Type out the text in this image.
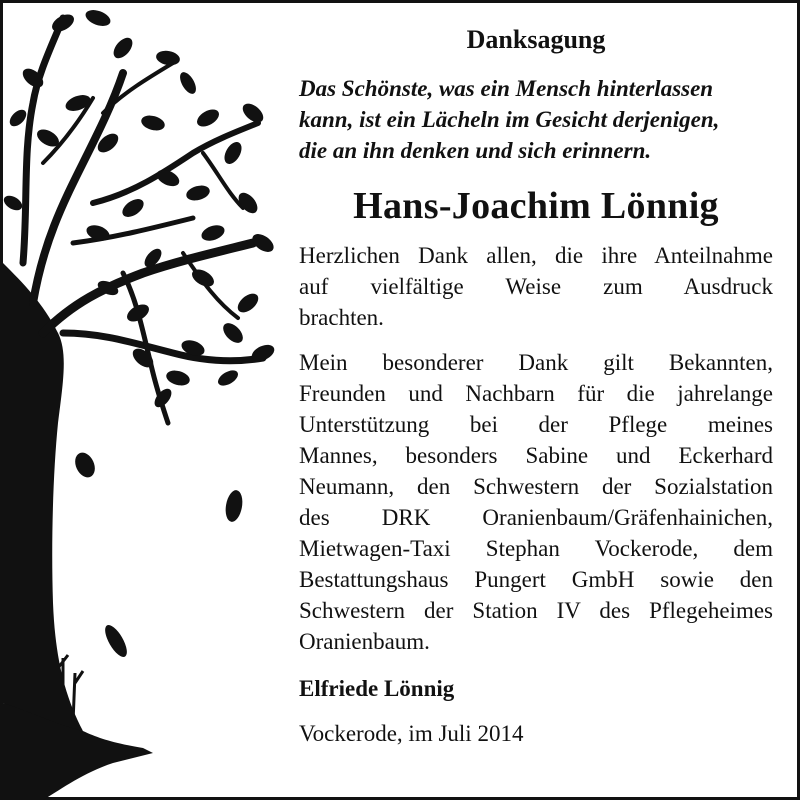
Danksagung
Das Schönste, was ein Mensch hinterlassen
kann, ist ein Lächeln im Gesicht derjenigen,
die an ihn denken und sich erinnern.
Hans-Joachim Lönnig
Herzlichen Dank allen, die ihre Anteilnahme
auf vielfältige Weise zum Ausdruck
brachten.
Mein besonderer Dank gilt Bekannten,
Freunden und Nachbarn für die jahrelange
Unterstützung bei der Pflege meines
Mannes, besonders Sabine und Eckerhard
Neumann, den Schwestern der Sozialstation
des DRK Oranienbaum/Gräfenhainichen,
Mietwagen-Taxi Stephan Vockerode, dem
Bestattungshaus Pungert GmbH sowie den
Schwestern der Station IV des Pflegeheimes
Oranienbaum.
Elfriede Lönnig
Vockerode, im Juli 2014
